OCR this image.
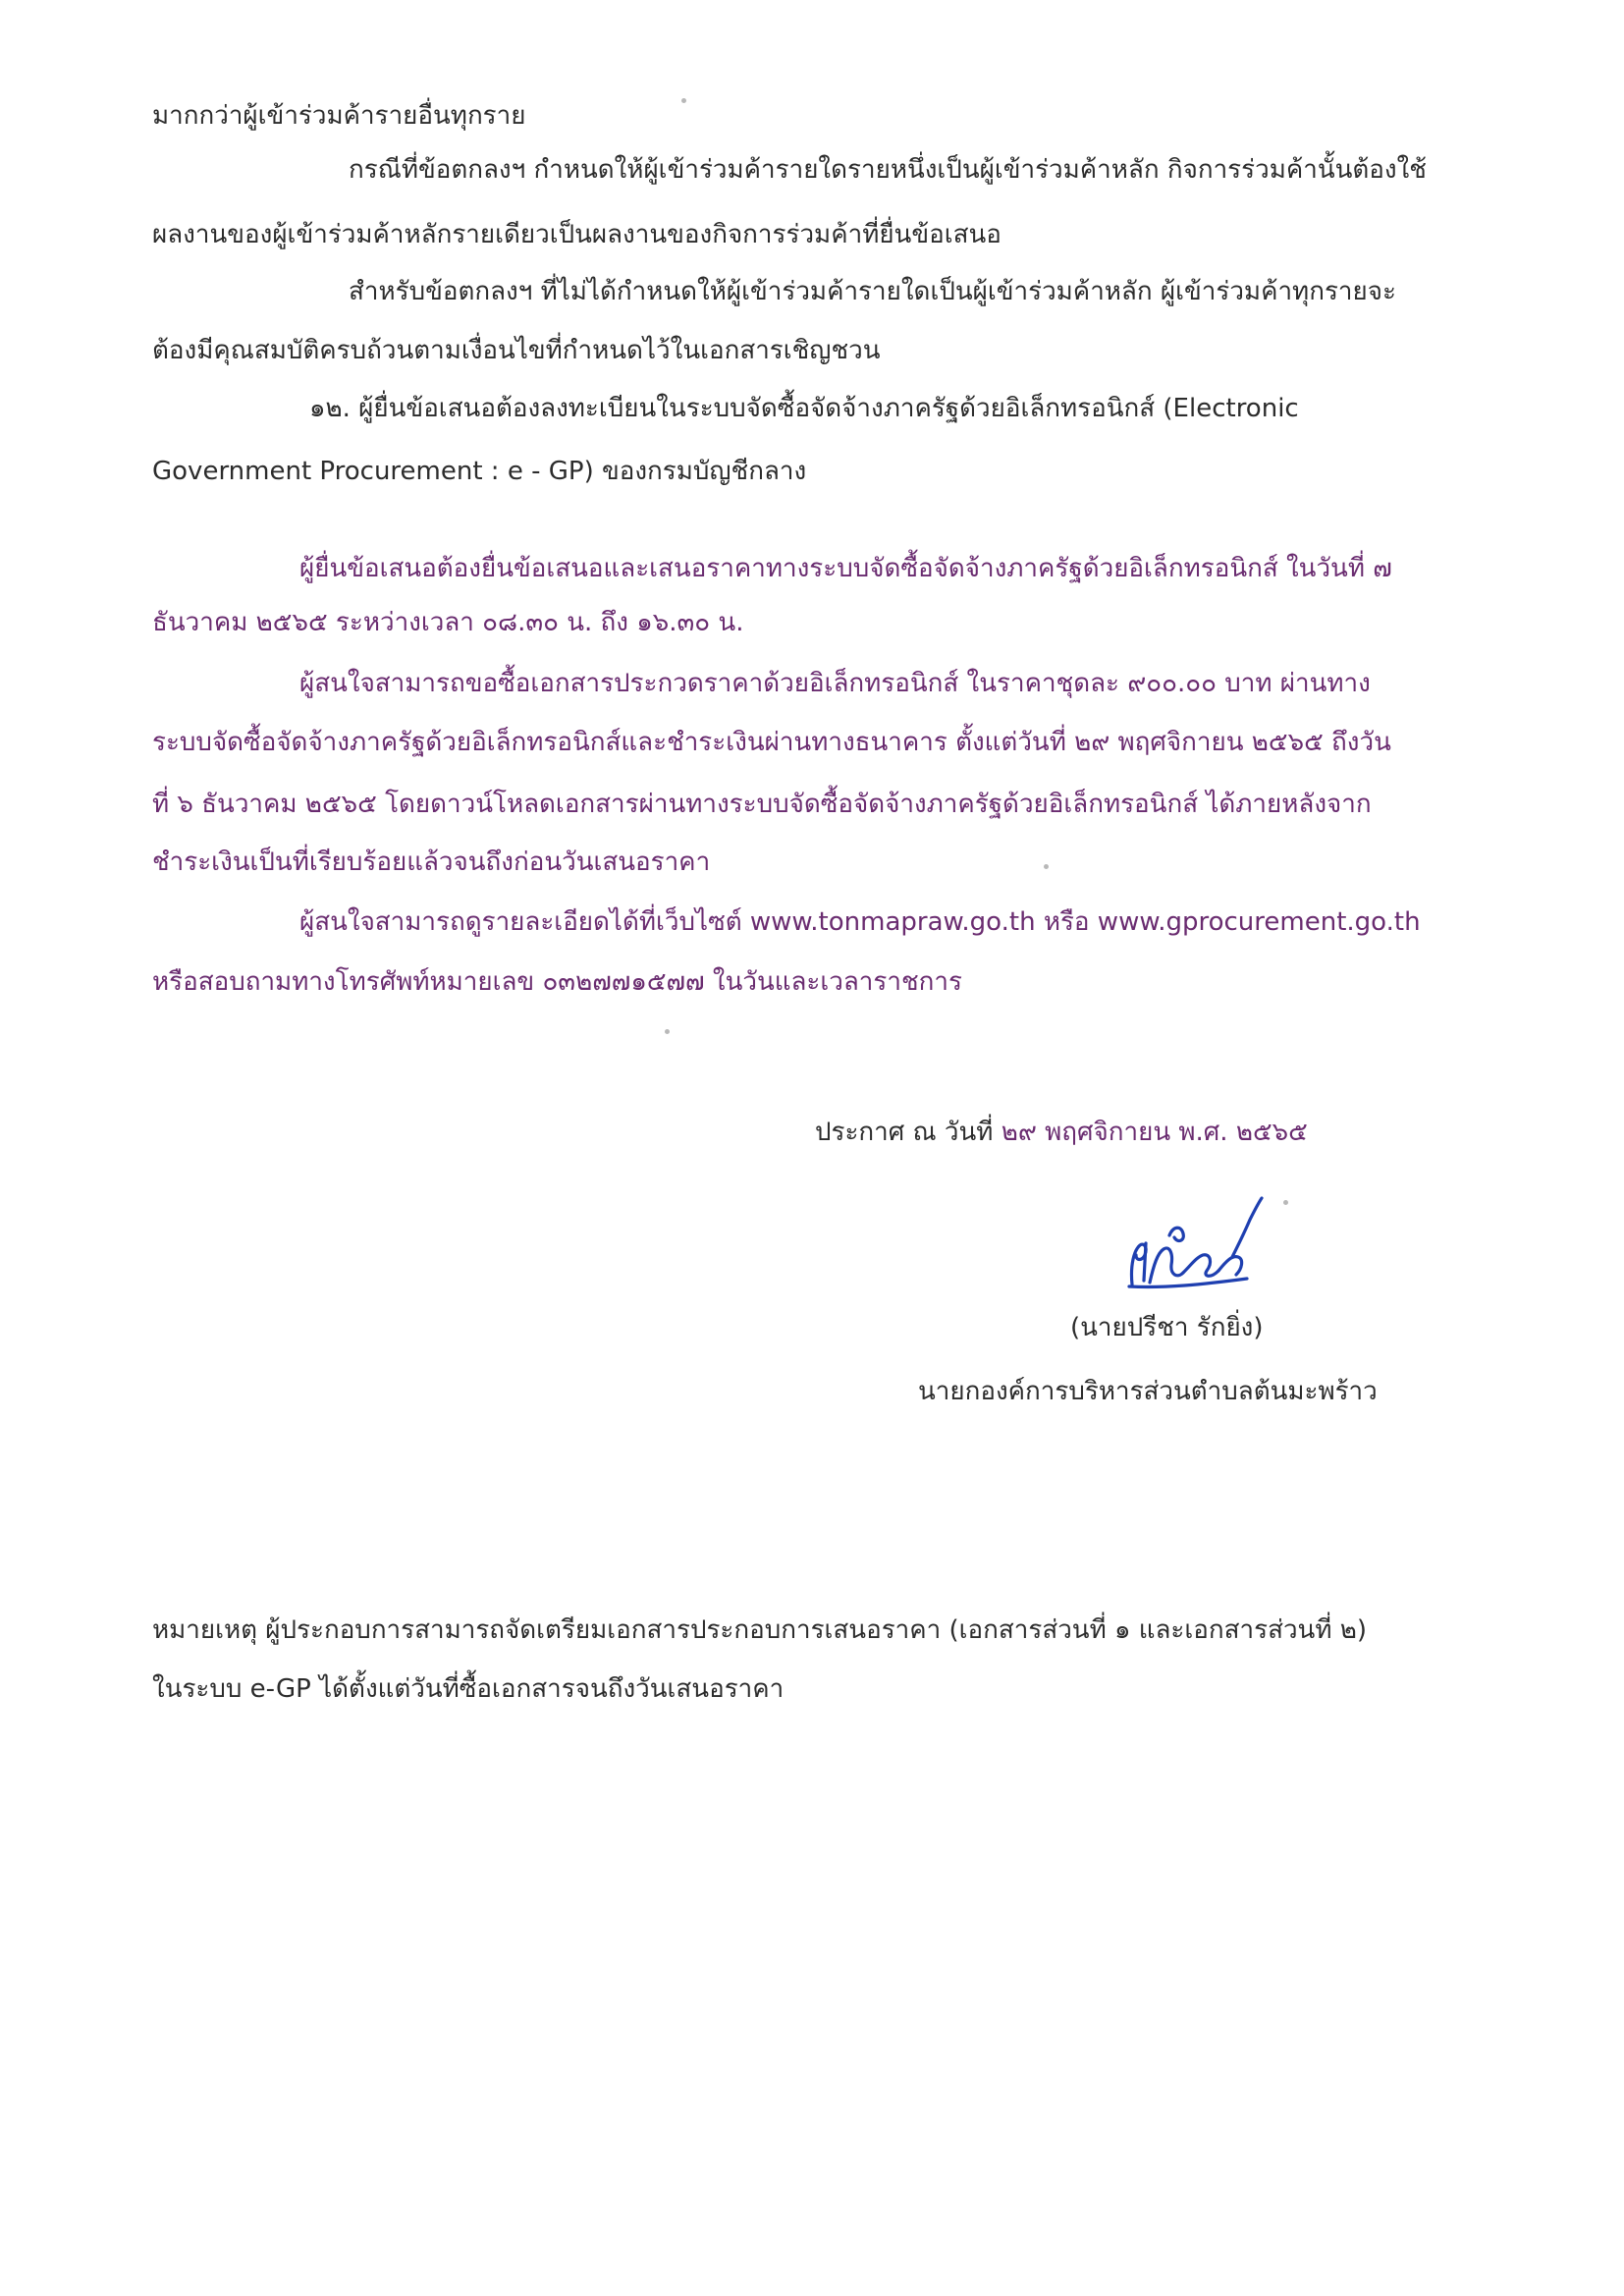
มากกว่าผู้เข้าร่วมค้ารายอื่นทุกราย
กรณีที่ข้อตกลงฯ กำหนดให้ผู้เข้าร่วมค้ารายใดรายหนึ่งเป็นผู้เข้าร่วมค้าหลัก กิจการร่วมค้านั้นต้องใช้
ผลงานของผู้เข้าร่วมค้าหลักรายเดียวเป็นผลงานของกิจการร่วมค้าที่ยื่นข้อเสนอ
สำหรับข้อตกลงฯ ที่ไม่ได้กำหนดให้ผู้เข้าร่วมค้ารายใดเป็นผู้เข้าร่วมค้าหลัก ผู้เข้าร่วมค้าทุกรายจะ
ต้องมีคุณสมบัติครบถ้วนตามเงื่อนไขที่กำหนดไว้ในเอกสารเชิญชวน
๑๒. ผู้ยื่นข้อเสนอต้องลงทะเบียนในระบบจัดซื้อจัดจ้างภาครัฐด้วยอิเล็กทรอนิกส์ (Electronic
Government Procurement : e - GP) ของกรมบัญชีกลาง
ผู้ยื่นข้อเสนอต้องยื่นข้อเสนอและเสนอราคาทางระบบจัดซื้อจัดจ้างภาครัฐด้วยอิเล็กทรอนิกส์ ในวันที่ ๗
ธันวาคม ๒๕๖๕ ระหว่างเวลา ๐๘.๓๐ น. ถึง ๑๖.๓๐ น.
ผู้สนใจสามารถขอซื้อเอกสารประกวดราคาด้วยอิเล็กทรอนิกส์ ในราคาชุดละ ๙๐๐.๐๐ บาท ผ่านทาง
ระบบจัดซื้อจัดจ้างภาครัฐด้วยอิเล็กทรอนิกส์และชำระเงินผ่านทางธนาคาร ตั้งแต่วันที่ ๒๙ พฤศจิกายน ๒๕๖๕ ถึงวัน
ที่ ๖ ธันวาคม ๒๕๖๕ โดยดาวน์โหลดเอกสารผ่านทางระบบจัดซื้อจัดจ้างภาครัฐด้วยอิเล็กทรอนิกส์ ได้ภายหลังจาก
ชำระเงินเป็นที่เรียบร้อยแล้วจนถึงก่อนวันเสนอราคา
ผู้สนใจสามารถดูรายละเอียดได้ที่เว็บไซต์ www.tonmapraw.go.th หรือ www.gprocurement.go.th
หรือสอบถามทางโทรศัพท์หมายเลข ๐๓๒๗๗๑๕๗๗ ในวันและเวลาราชการ
ประกาศ ณ วันที่ ๒๙ พฤศจิกายน พ.ศ. ๒๕๖๕
(นายปรีชา รักยิ่ง)
นายกองค์การบริหารส่วนตำบลต้นมะพร้าว
หมายเหตุ ผู้ประกอบการสามารถจัดเตรียมเอกสารประกอบการเสนอราคา (เอกสารส่วนที่ ๑ และเอกสารส่วนที่ ๒)
ในระบบ e-GP ได้ตั้งแต่วันที่ซื้อเอกสารจนถึงวันเสนอราคา
